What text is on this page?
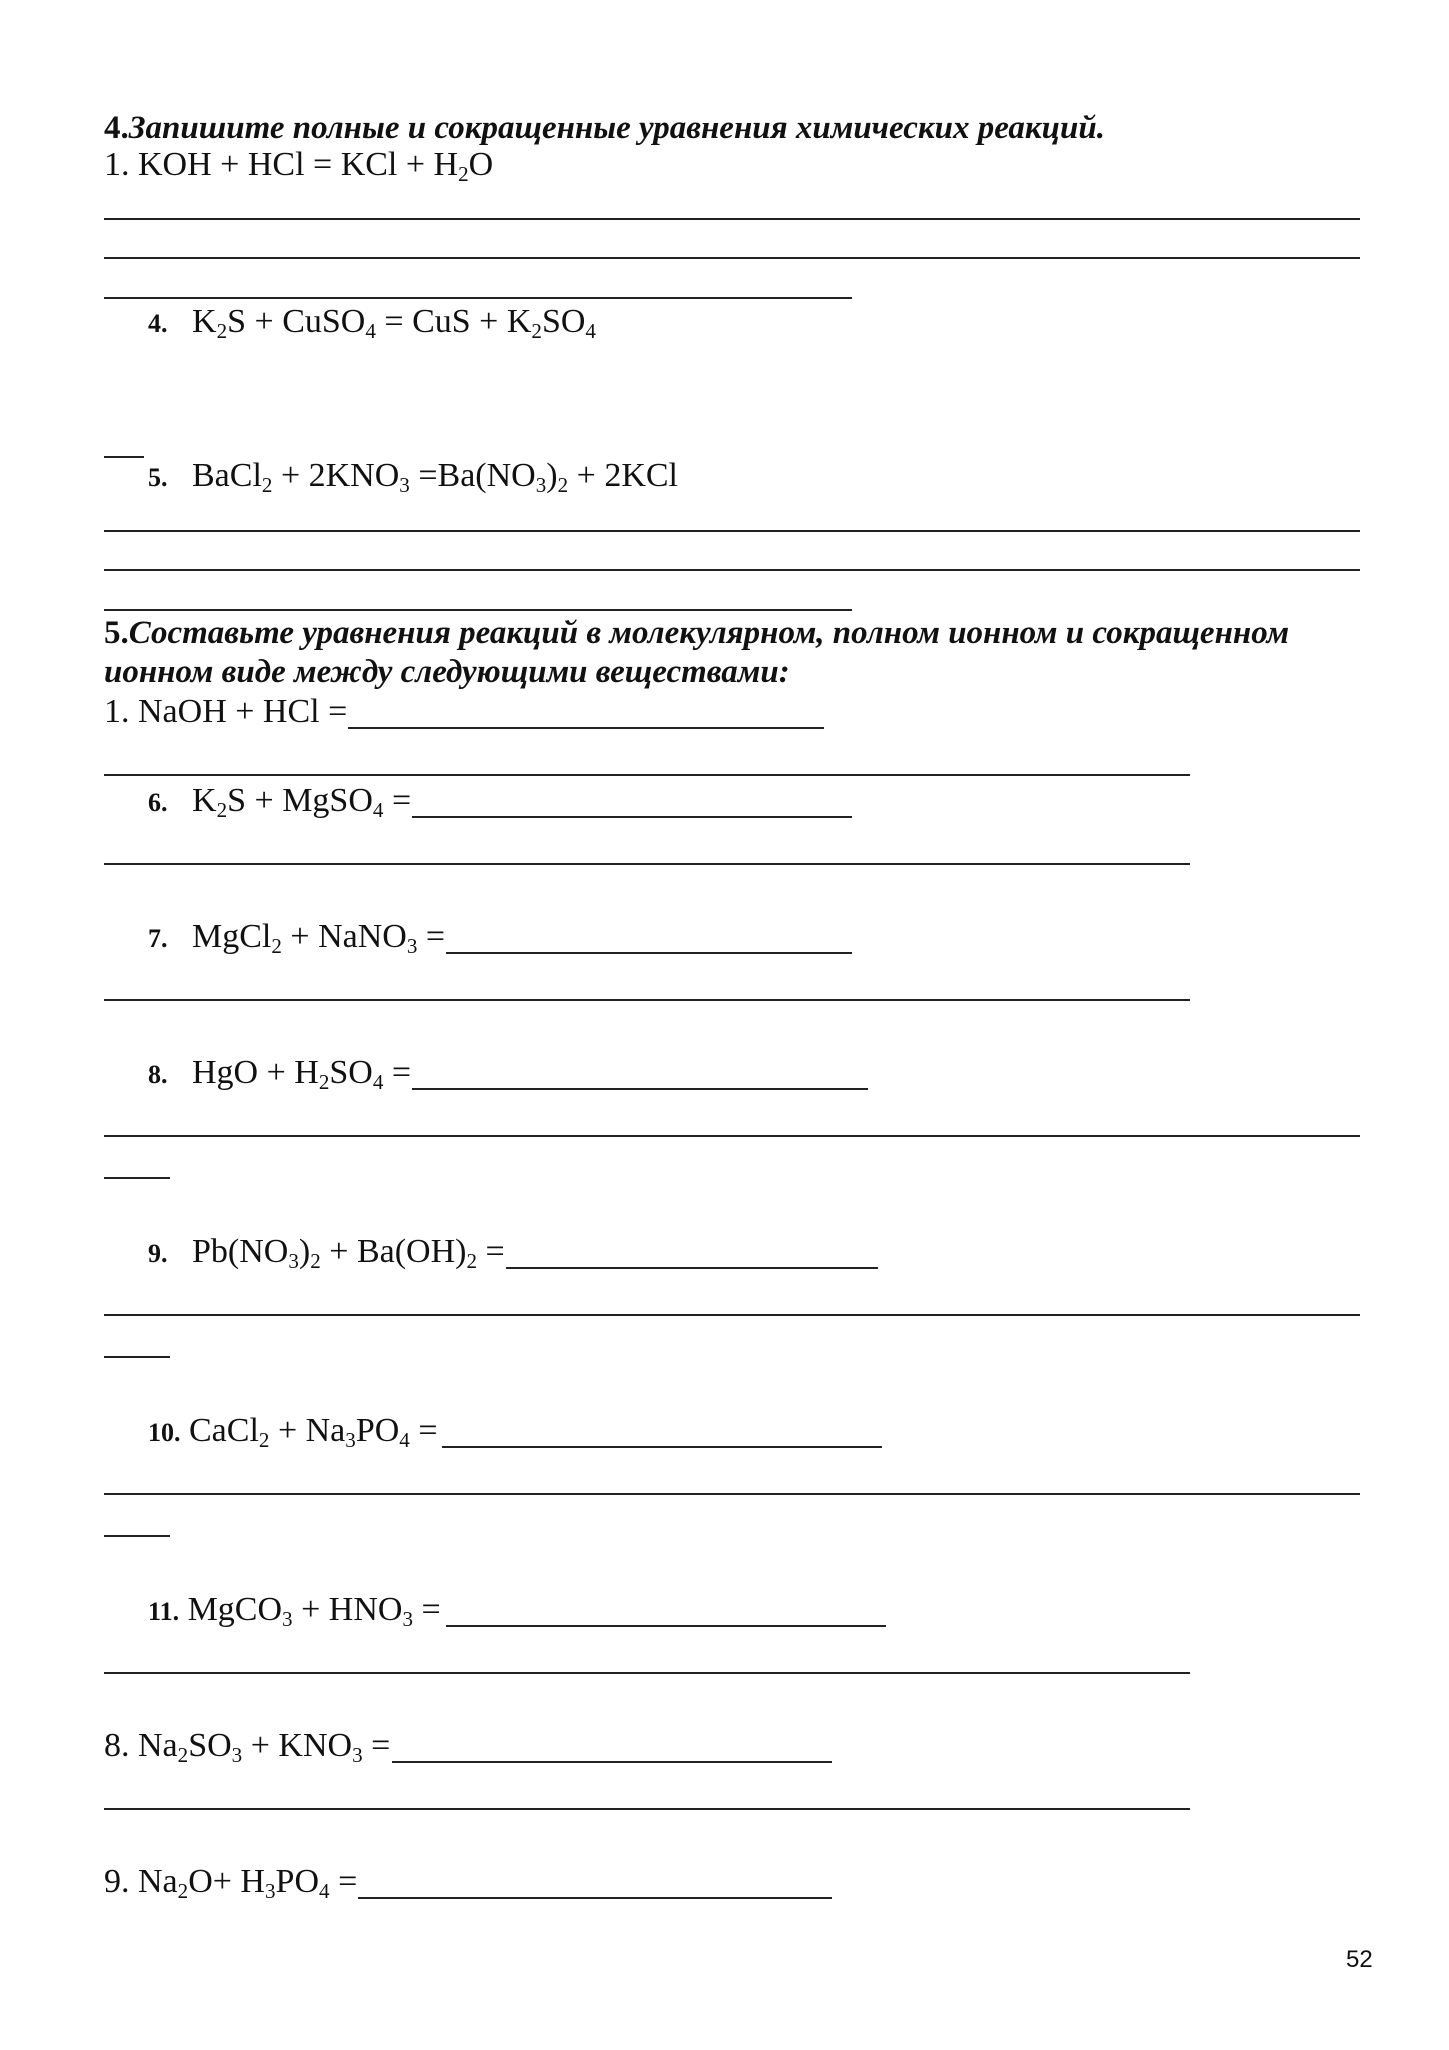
4.Запишите полные и сокращенные уравнения химических реакций.
1. KOH + HCl = KCl + $H_2O$
4. $K_2S$ + CuSO$_4$ = CuS + $K_2SO_4$
5. BaCl$_2$ + $2KNO_3 =Ba(NO_3)_2 + 2KCl$
5.Составьте уравнения реакций в молекулярном, полном ионном и сокращенном
ионном виде между следующими веществами:
1. NaOH + HCl =
6. $K_2S$ + MgSO$_4$ =
7. MgCl$_2$ + NaNO$_3$ =
8. HgO + $H_2SO_4$ =
9. $Pb(NO_3)_2 + Ba(OH)_2$ =
10. CaCl$_2$ + $Na_3PO_4$ =
11. MgCO$_3$ + $HNO_3$ =
8. $Na_2SO_3 + KNO_3$ =
9. $Na_2O+ H_3PO_4$ =
52
